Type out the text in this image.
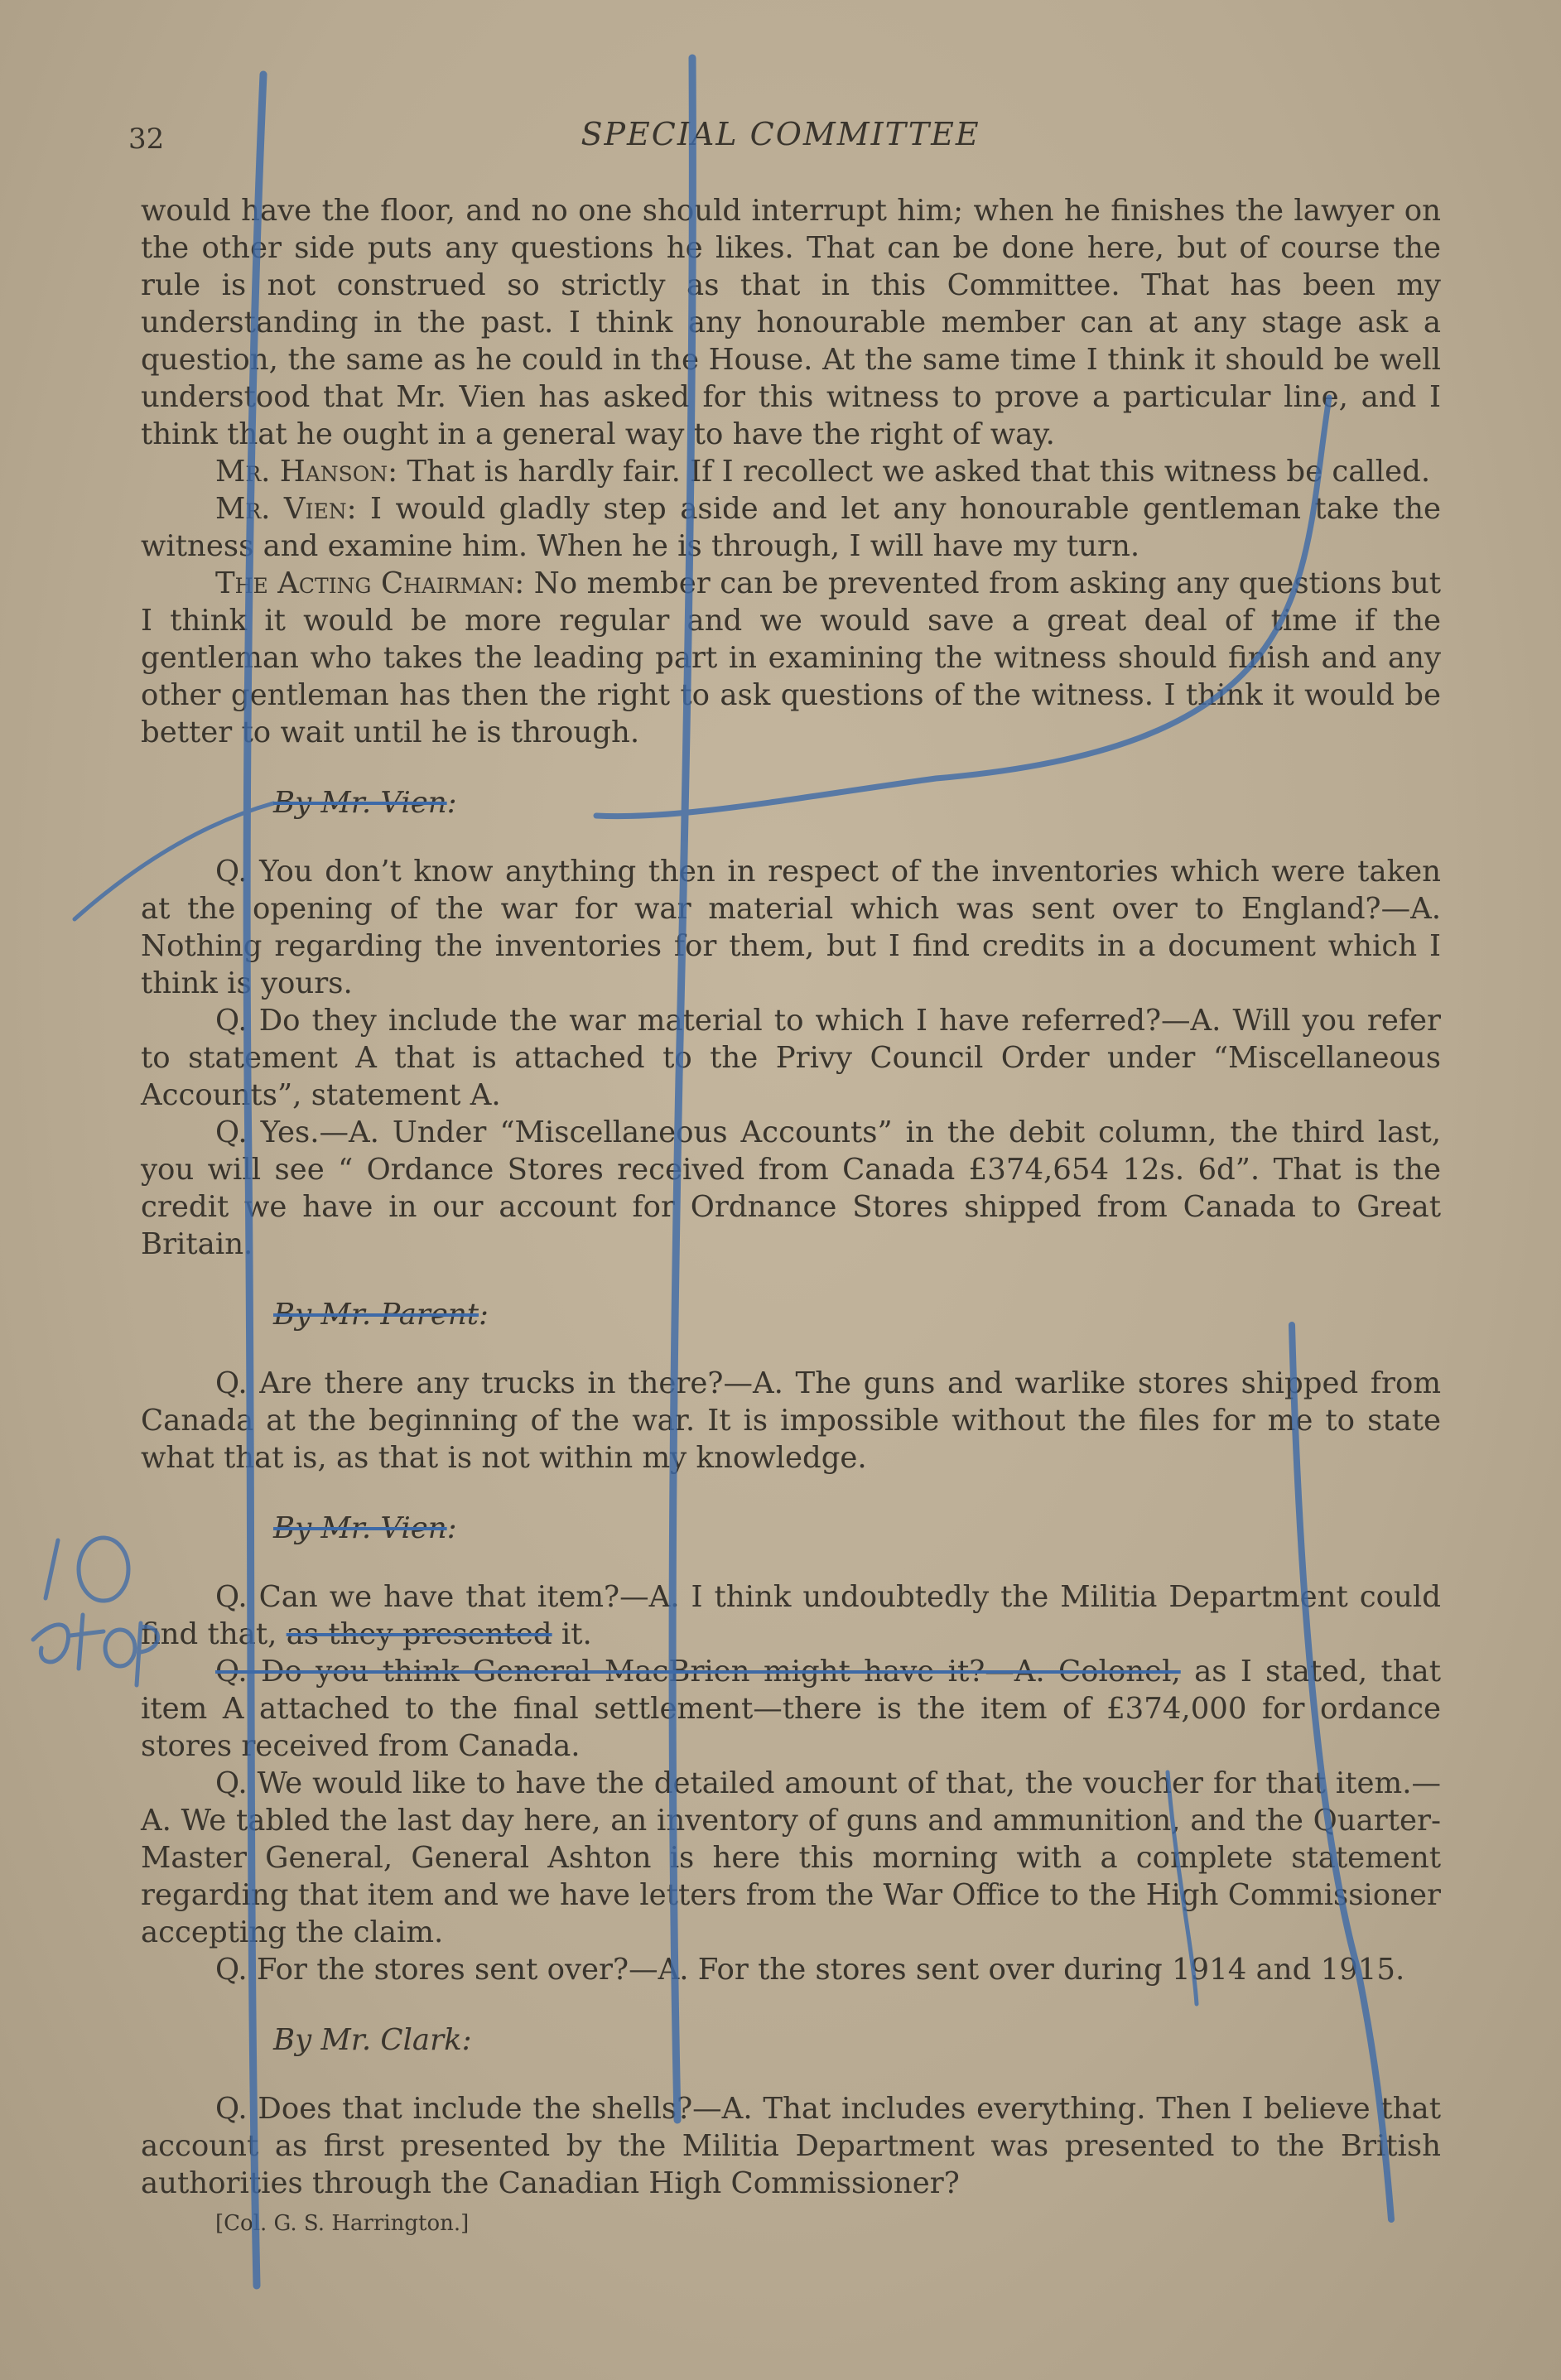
32	SPECIAL COMMITTEE

would have the floor, and no one should interrupt him; when he finishes the lawyer on the other side puts any questions he likes. That can be done here, but of course the rule is not construed so strictly as that in this Committee. That has been my understanding in the past. I think any honourable member can at any stage ask a question, the same as he could in the House. At the same time I think it should be well understood that Mr. Vien has asked for this witness to prove a particular line, and I think that he ought in a general way to have the right of way.

Mr. Hanson: That is hardly fair. If I recollect we asked that this witness be called.

Mr. Vien: I would gladly step aside and let any honourable gentleman take the witness and examine him. When he is through, I will have my turn.

The Acting Chairman: No member can be prevented from asking any questions but I think it would be more regular and we would save a great deal of time if the gentleman who takes the leading part in examining the witness should finish and any other gentleman has then the right to ask questions of the witness. I think it would be better to wait until he is through.

By Mr. Vien:

Q. You don’t know anything then in respect of the inventories which were taken at the opening of the war for war material which was sent over to England?—A. Nothing regarding the inventories for them, but I find credits in a document which I think is yours.

Q. Do they include the war material to which I have referred?—A. Will you refer to statement A that is attached to the Privy Council Order under “Miscellaneous Accounts”, statement A.

Q. Yes.—A. Under “Miscellaneous Accounts” in the debit column, the third last, you will see “ Ordance Stores received from Canada £374,654 12s. 6d”. That is the credit we have in our account for Ordnance Stores shipped from Canada to Great Britain.

By Mr. Parent:

Q. Are there any trucks in there?—A. The guns and warlike stores shipped from Canada at the beginning of the war. It is impossible without the files for me to state what that is, as that is not within my knowledge.

By Mr. Vien:

Q. Can we have that item?—A. I think undoubtedly the Militia Department could find that, as they presented it.

Q. Do you think General MacBrien might have it?—A. Colonel, as I stated, that item A attached to the final settlement—there is the item of £374,000 for ordance stores received from Canada.

Q. We would like to have the detailed amount of that, the voucher for that item.—A. We tabled the last day here, an inventory of guns and ammunition, and the Quarter-Master General, General Ashton is here this morning with a complete statement regarding that item and we have letters from the War Office to the High Commissioner accepting the claim.

Q. For the stores sent over?—A. For the stores sent over during 1914 and 1915.

By Mr. Clark:

Q. Does that include the shells?—A. That includes everything. Then I believe that account as first presented by the Militia Department was presented to the British authorities through the Canadian High Commissioner?

[Col. G. S. Harrington.]
